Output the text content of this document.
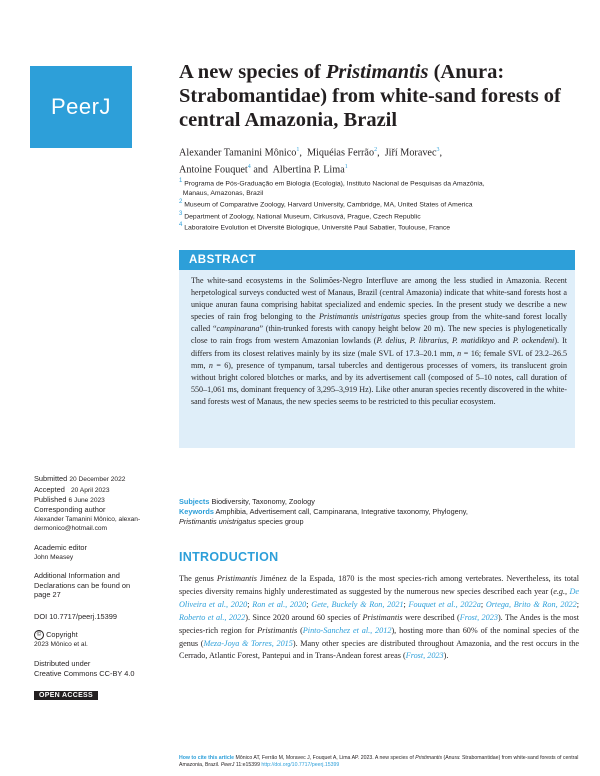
PeerJ
A new species of Pristimantis (Anura: Strabomantidae) from white-sand forests of central Amazonia, Brazil
Alexander Tamanini Mônico$^1$,  Miquéias Ferrão$^2$,  Jiří Moravec$^3$,
Antoine Fouquet$^4$ and  Albertina P. Lima$^1$
$^1$ Programa de Pós-Graduação em Biologia (Ecologia), Instituto Nacional de Pesquisas da Amazônia,
Manaus, Amazonas, Brazil
$^2$ Museum of Comparative Zoology, Harvard University, Cambridge, MA, United States of America
$^3$ Department of Zoology, National Museum, Cirkusová, Prague, Czech Republic
$^4$ Laboratoire Evolution et Diversité Biologique, Université Paul Sabatier, Toulouse, France
ABSTRACT
The white-sand ecosystems in the Solimões-Negro Interfluve are among the less studied in Amazonia. Recent herpetological surveys conducted west of Manaus, Brazil (central Amazonia) indicate that white-sand forests host a unique anuran fauna comprising habitat specialized and endemic species. In the present study we describe a new species of rain frog belonging to the Pristimantis unistrigatus species group from the white-sand forest locally called “campinarana” (thin-trunked forests with canopy height below 20 m). The new species is phylogenetically close to rain frogs from western Amazonian lowlands (P. delius, P. librarius, P. matidiktyo and P. ockendeni). It differs from its closest relatives mainly by its size (male SVL of 17.3–20.1 mm, n = 16; female SVL of 23.2–26.5 mm, n = 6), presence of tympanum, tarsal tubercles and dentigerous processes of vomers, its translucent groin without bright colored blotches or marks, and by its advertisement call (composed of 5–10 notes, call duration of 550–1,061 ms, dominant frequency of 3,295–3,919 Hz). Like other anuran species recently discovered in the white-sand forests west of Manaus, the new species seems to be restricted to this peculiar ecosystem.
Submitted 20 December 2022
Accepted 20 April 2023
Published 6 June 2023
Corresponding author
Alexander Tamanini Mônico, alexan-
dermonico@hotmail.com
Academic editor
John Measey
Additional Information and
Declarations can be found on
page 27
DOI 10.7717/peerj.15399
© Copyright
2023 Mônico et al.
Distributed under
Creative Commons CC-BY 4.0
OPEN ACCESS
Subjects Biodiversity, Taxonomy, Zoology
Keywords Amphibia, Advertisement call, Campinarana, Integrative taxonomy, Phylogeny,
Pristimantis unistrigatus species group
INTRODUCTION
The genus Pristimantis Jiménez de la Espada, 1870 is the most species-rich among vertebrates. Nevertheless, its total species diversity remains highly underestimated as suggested by the numerous new species described each year (e.g., De Oliveira et al., 2020; Ron et al., 2020; Gete, Buckely & Ron, 2021; Fouquet et al., 2022a; Ortega, Brito & Ron, 2022; Roberto et al., 2022). Since 2020 around 60 species of Pristimantis were described (Frost, 2023). The Andes is the most species-rich region for Pristimantis (Pinto-Sanchez et al., 2012), hosting more than 60% of the nominal species of the genus (Meza-Joya & Torres, 2015). Many other species are distributed throughout Amazonia, and the rest occurs in the Cerrado, Atlantic Forest, Pantepui and in Trans-Andean forest areas (Frost, 2023).
How to cite this article Mônico AT, Ferrão M, Moravec J, Fouquet A, Lima AP. 2023. A new species of Pristimantis (Anura: Strabomantidae) from white-sand forests of central Amazonia, Brazil. PeerJ 11:e15399 http://doi.org/10.7717/peerj.15399
